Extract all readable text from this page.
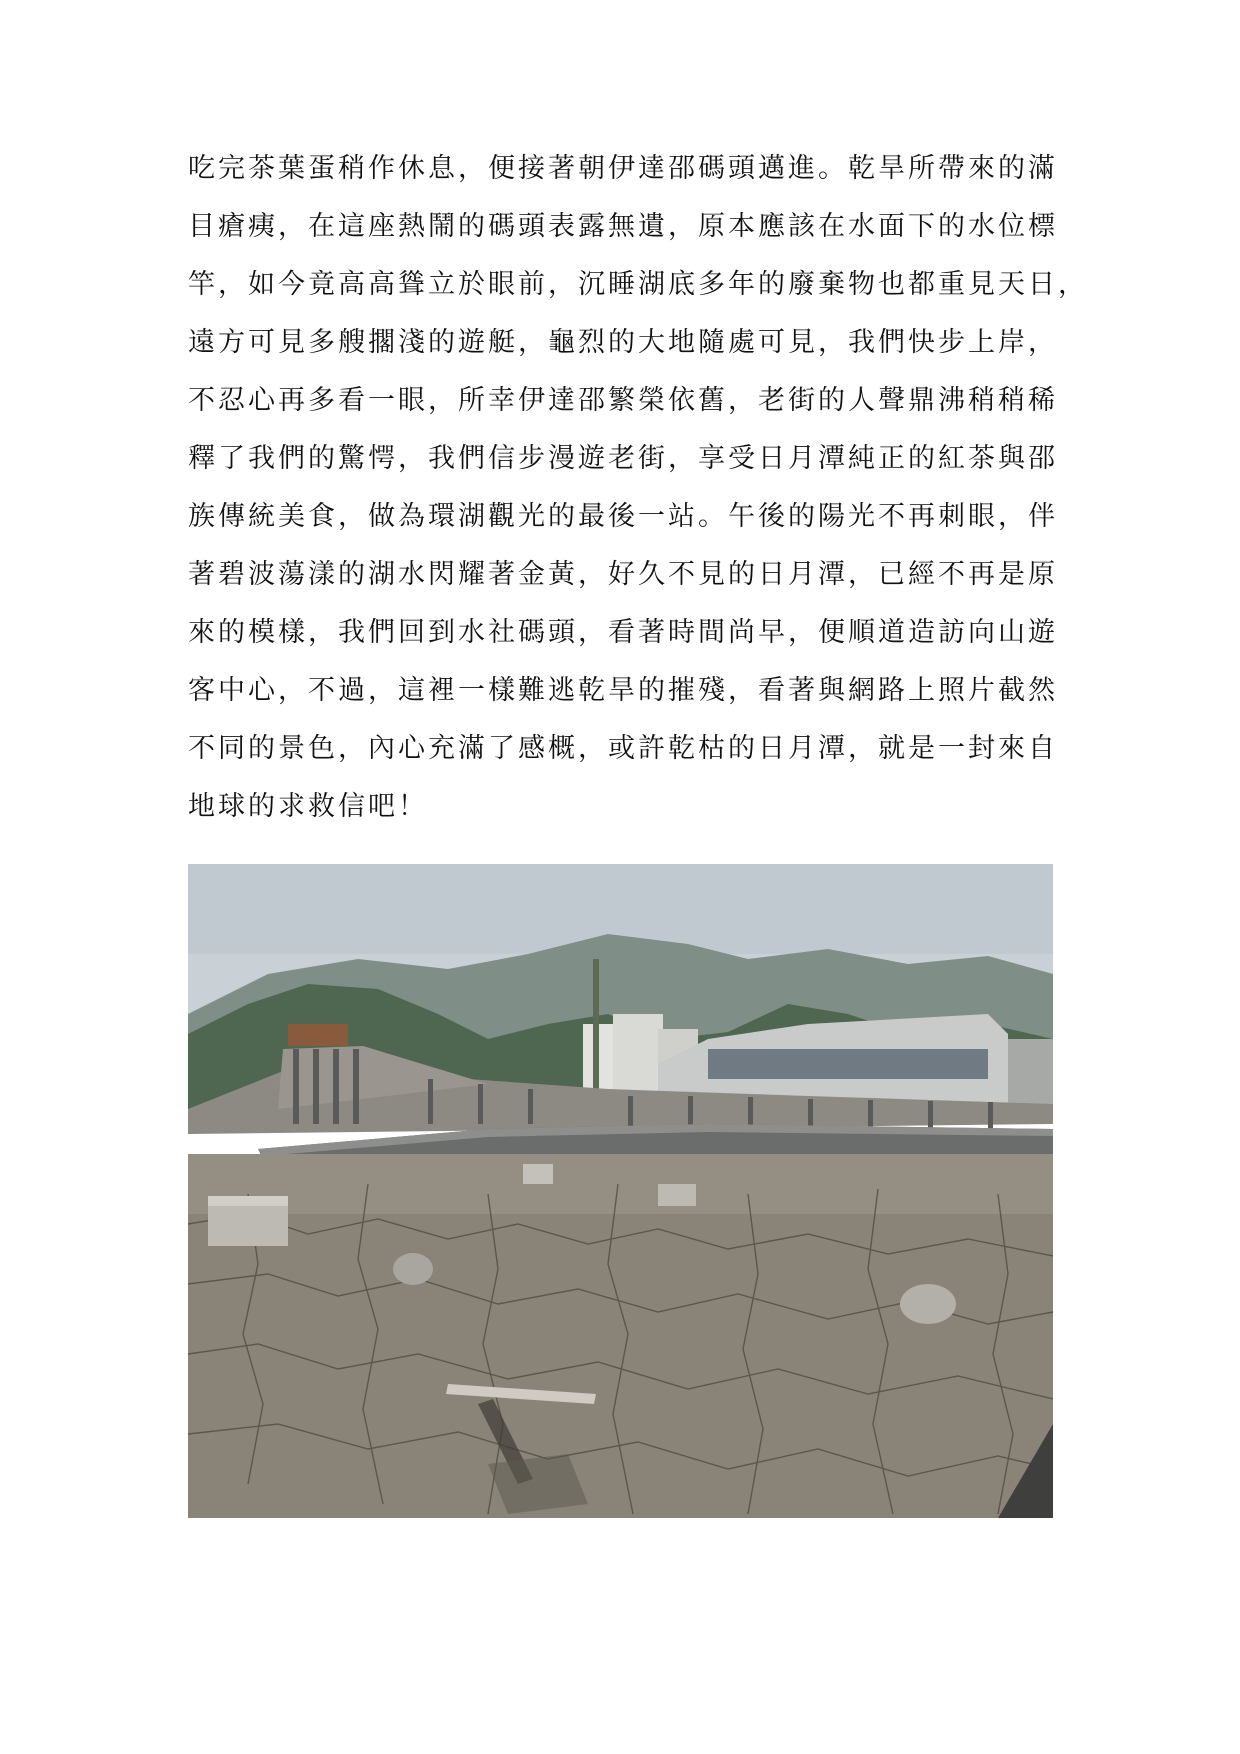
吃完茶葉蛋稍作休息，便接著朝伊達邵碼頭邁進。乾旱所帶來的滿
目瘡痍，在這座熱鬧的碼頭表露無遺，原本應該在水面下的水位標
竿，如今竟高高聳立於眼前，沉睡湖底多年的廢棄物也都重見天日，
遠方可見多艘擱淺的遊艇，龜烈的大地隨處可見，我們快步上岸，
不忍心再多看一眼，所幸伊達邵繁榮依舊，老街的人聲鼎沸稍稍稀
釋了我們的驚愕，我們信步漫遊老街，享受日月潭純正的紅茶與邵
族傳統美食，做為環湖觀光的最後一站。午後的陽光不再刺眼，伴
著碧波蕩漾的湖水閃耀著金黃，好久不見的日月潭，已經不再是原
來的模樣，我們回到水社碼頭，看著時間尚早，便順道造訪向山遊
客中心，不過，這裡一樣難逃乾旱的摧殘，看著與網路上照片截然
不同的景色，內心充滿了感概，或許乾枯的日月潭，就是一封來自
地球的求救信吧！
